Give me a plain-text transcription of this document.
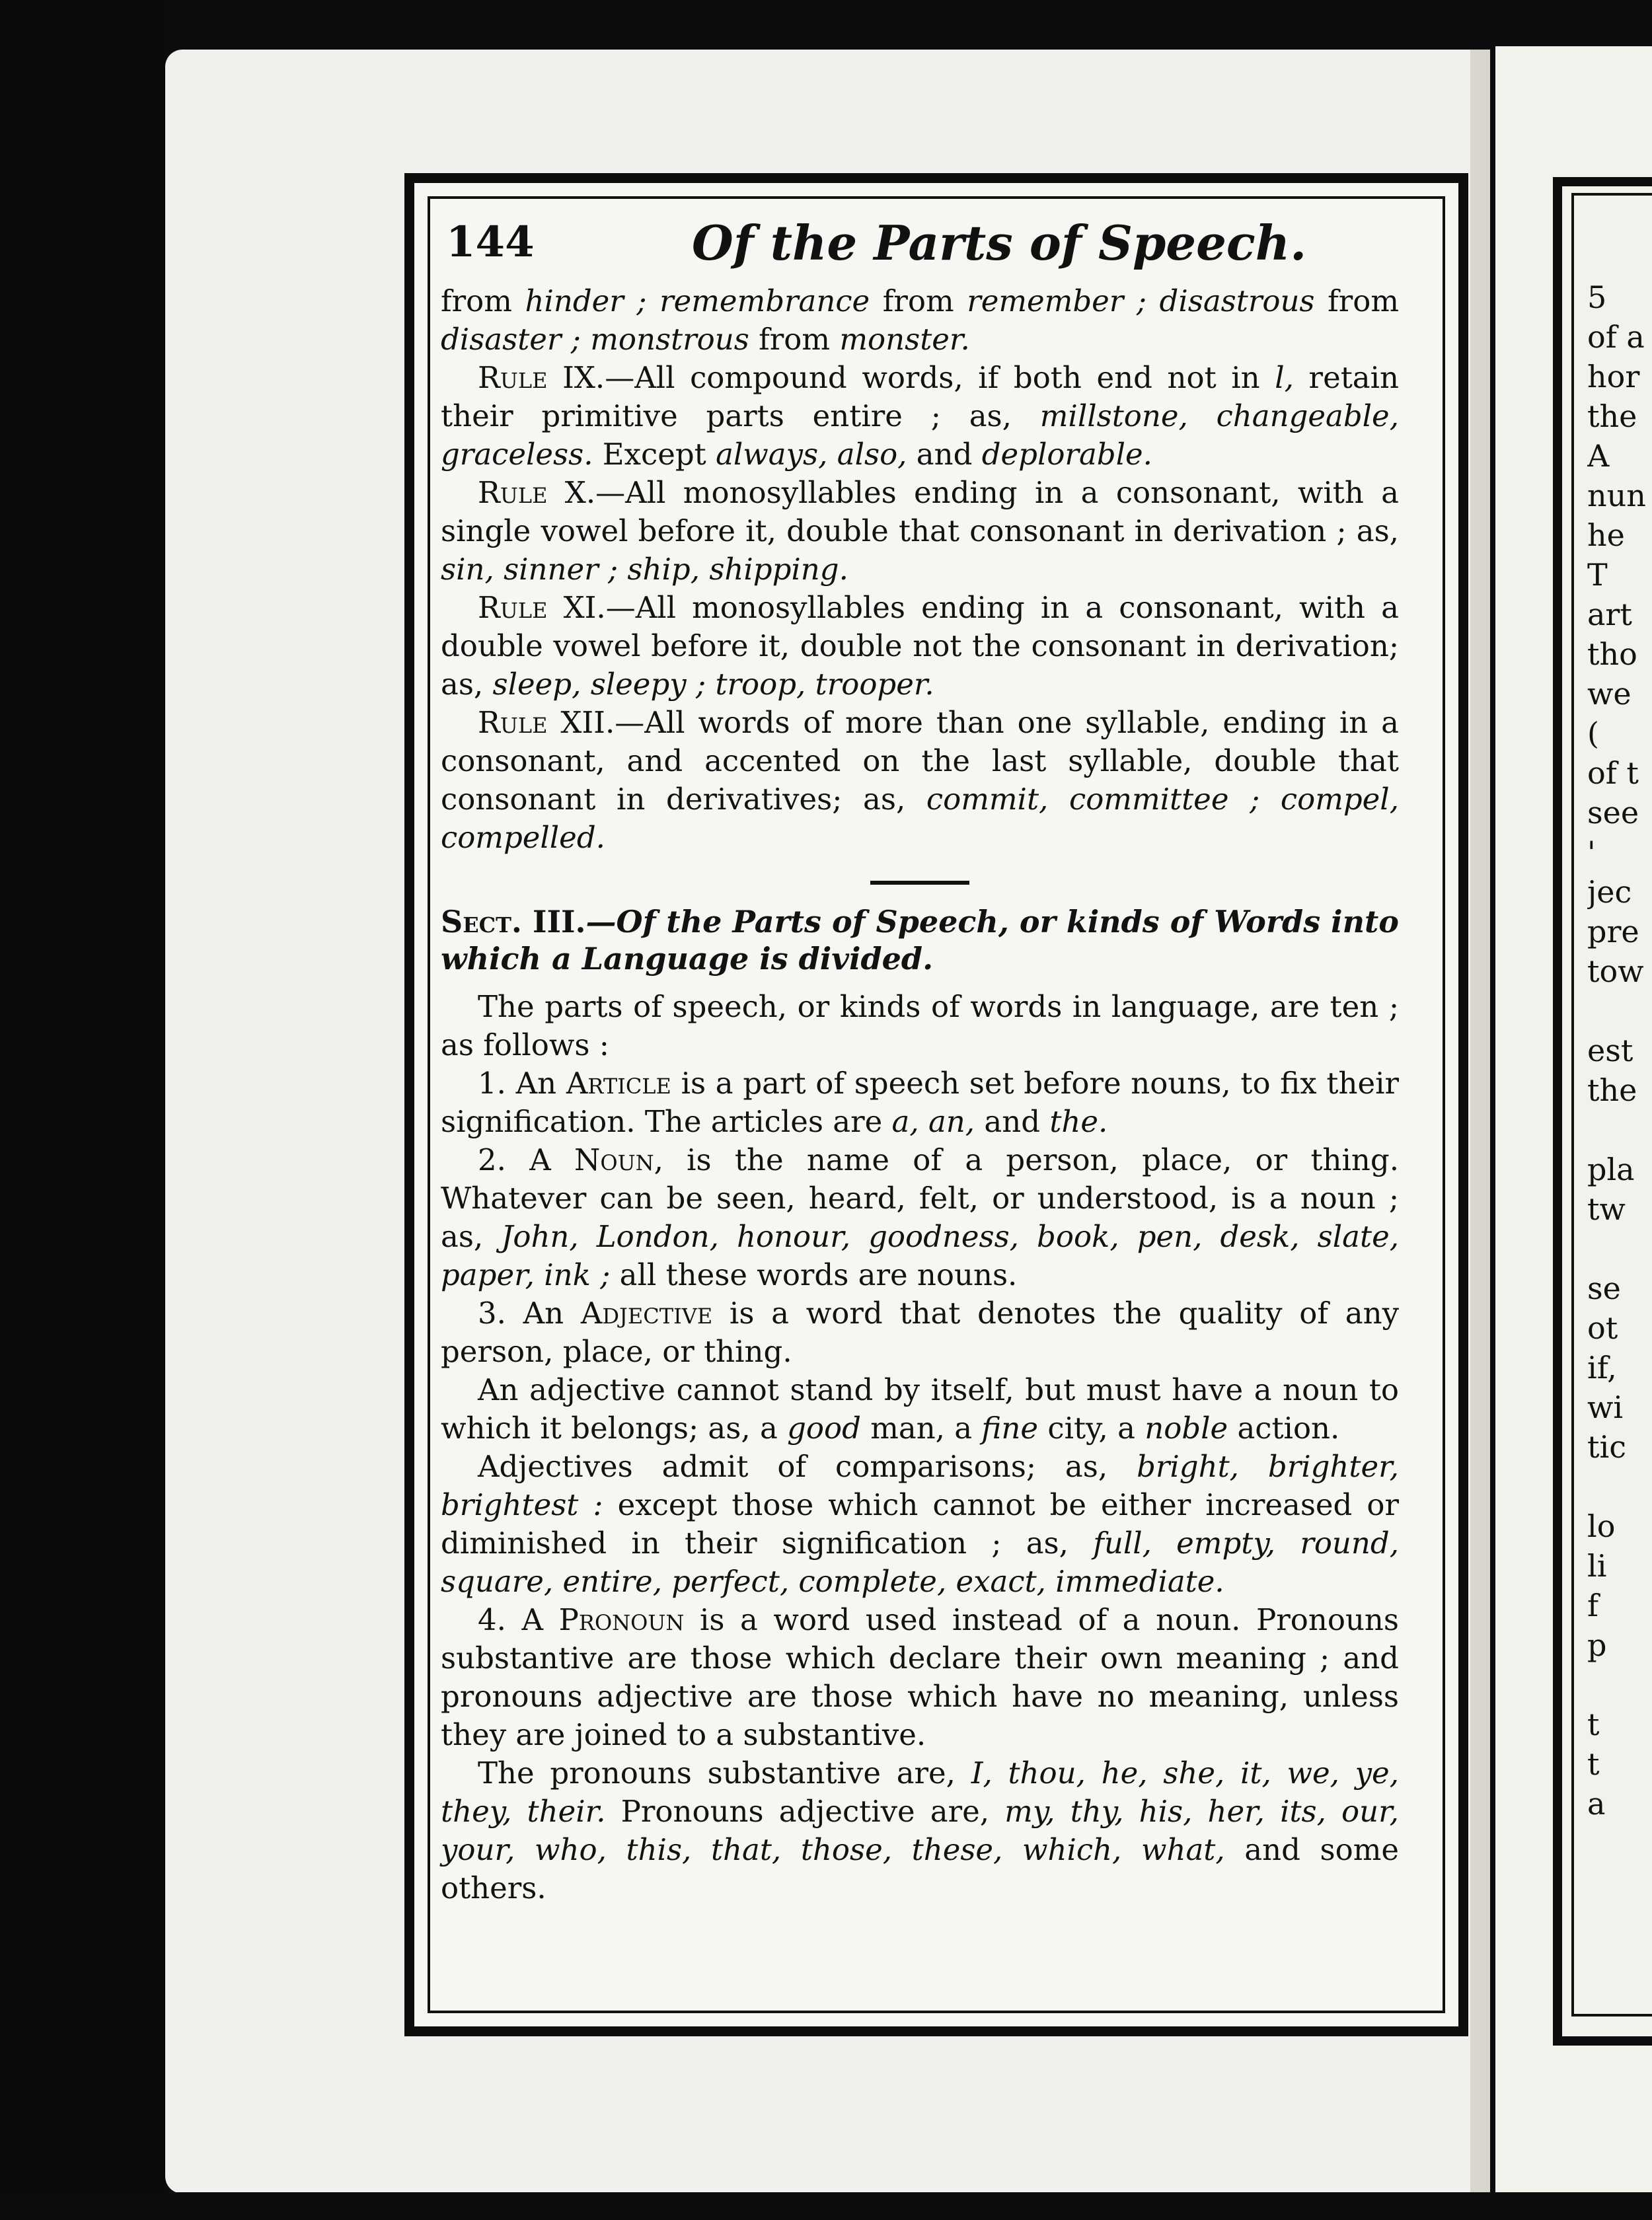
144	Of the Parts of Speech.

from hinder ; remembrance from remember ; disastrous from disaster ; monstrous from monster.

Rule IX.—All compound words, if both end not in l, retain their primitive parts entire ; as, millstone, changeable, graceless. Except always, also, and deplorable.

Rule X.—All monosyllables ending in a consonant, with a single vowel before it, double that consonant in derivation ; as, sin, sinner ; ship, shipping.

Rule XI.—All monosyllables ending in a consonant, with a double vowel before it, double not the consonant in derivation; as, sleep, sleepy ; troop, trooper.

Rule XII.—All words of more than one syllable, ending in a consonant, and accented on the last syllable, double that consonant in derivatives; as, commit, committee ; compel, compelled.

Sect. III.—Of the Parts of Speech, or kinds of Words into which a Language is divided.

The parts of speech, or kinds of words in language, are ten ; as follows :

1. An Article is a part of speech set before nouns, to fix their signification. The articles are a, an, and the.

2. A Noun, is the name of a person, place, or thing. Whatever can be seen, heard, felt, or understood, is a noun ; as, John, London, honour, goodness, book, pen, desk, slate, paper, ink ; all these words are nouns.

3. An Adjective is a word that denotes the quality of any person, place, or thing.

An adjective cannot stand by itself, but must have a noun to which it belongs; as, a good man, a fine city, a noble action.

Adjectives admit of comparisons; as, bright, brighter, brightest : except those which cannot be either increased or diminished in their signification ; as, full, empty, round, square, entire, perfect, complete, exact, immediate.

4. A Pronoun is a word used instead of a noun. Pronouns substantive are those which declare their own meaning ; and pronouns adjective are those which have no meaning, unless they are joined to a substantive.

The pronouns substantive are, I, thou, he, she, it, we, ye, they, their. Pronouns adjective are, my, thy, his, her, its, our, your, who, this, that, those, these, which, what, and some others.

5
of a
hor
the
A
nun
he
T
art
tho
we
(
of t
see
'
jec
pre
tow

est
the

pla
tw

se
ot
if,
wi
tic

lo
li
f
p

t
t
a
